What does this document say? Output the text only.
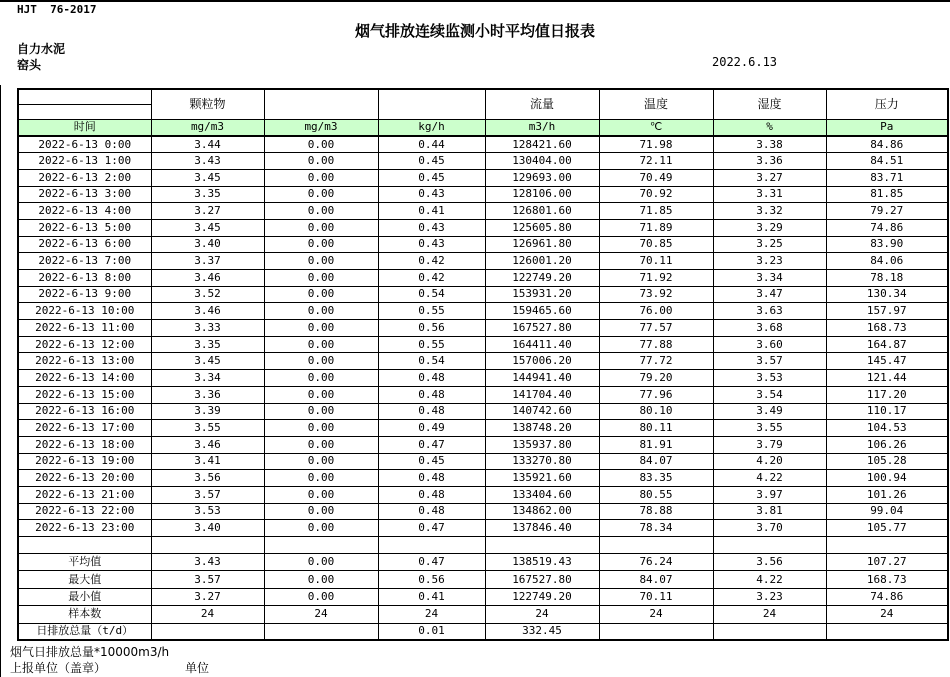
HJT  76-2017
烟气排放连续监测小时平均值日报表
自力水泥
窑头	2022.6.13
	颗粒物			流量	温度	湿度	压力

时间	mg/m3	mg/m3	kg/h	m3/h	℃	%	Pa
2022-6-13 0:00	3.44	0.00	0.44	128421.60	71.98	3.38	84.86
2022-6-13 1:00	3.43	0.00	0.45	130404.00	72.11	3.36	84.51
2022-6-13 2:00	3.45	0.00	0.45	129693.00	70.49	3.27	83.71
2022-6-13 3:00	3.35	0.00	0.43	128106.00	70.92	3.31	81.85
2022-6-13 4:00	3.27	0.00	0.41	126801.60	71.85	3.32	79.27
2022-6-13 5:00	3.45	0.00	0.43	125605.80	71.89	3.29	74.86
2022-6-13 6:00	3.40	0.00	0.43	126961.80	70.85	3.25	83.90
2022-6-13 7:00	3.37	0.00	0.42	126001.20	70.11	3.23	84.06
2022-6-13 8:00	3.46	0.00	0.42	122749.20	71.92	3.34	78.18
2022-6-13 9:00	3.52	0.00	0.54	153931.20	73.92	3.47	130.34
2022-6-13 10:00	3.46	0.00	0.55	159465.60	76.00	3.63	157.97
2022-6-13 11:00	3.33	0.00	0.56	167527.80	77.57	3.68	168.73
2022-6-13 12:00	3.35	0.00	0.55	164411.40	77.88	3.60	164.87
2022-6-13 13:00	3.45	0.00	0.54	157006.20	77.72	3.57	145.47
2022-6-13 14:00	3.34	0.00	0.48	144941.40	79.20	3.53	121.44
2022-6-13 15:00	3.36	0.00	0.48	141704.40	77.96	3.54	117.20
2022-6-13 16:00	3.39	0.00	0.48	140742.60	80.10	3.49	110.17
2022-6-13 17:00	3.55	0.00	0.49	138748.20	80.11	3.55	104.53
2022-6-13 18:00	3.46	0.00	0.47	135937.80	81.91	3.79	106.26
2022-6-13 19:00	3.41	0.00	0.45	133270.80	84.07	4.20	105.28
2022-6-13 20:00	3.56	0.00	0.48	135921.60	83.35	4.22	100.94
2022-6-13 21:00	3.57	0.00	0.48	133404.60	80.55	3.97	101.26
2022-6-13 22:00	3.53	0.00	0.48	134862.00	78.88	3.81	99.04
2022-6-13 23:00	3.40	0.00	0.47	137846.40	78.34	3.70	105.77

平均值	3.43	0.00	0.47	138519.43	76.24	3.56	107.27
最大值	3.57	0.00	0.56	167527.80	84.07	4.22	168.73
最小值	3.27	0.00	0.41	122749.20	70.11	3.23	74.86
样本数	24	24	24	24	24	24	24
日排放总量（t/d）			0.01	332.45			
烟气日排放总量*10000m3/h
上报单位（盖章）	单位
